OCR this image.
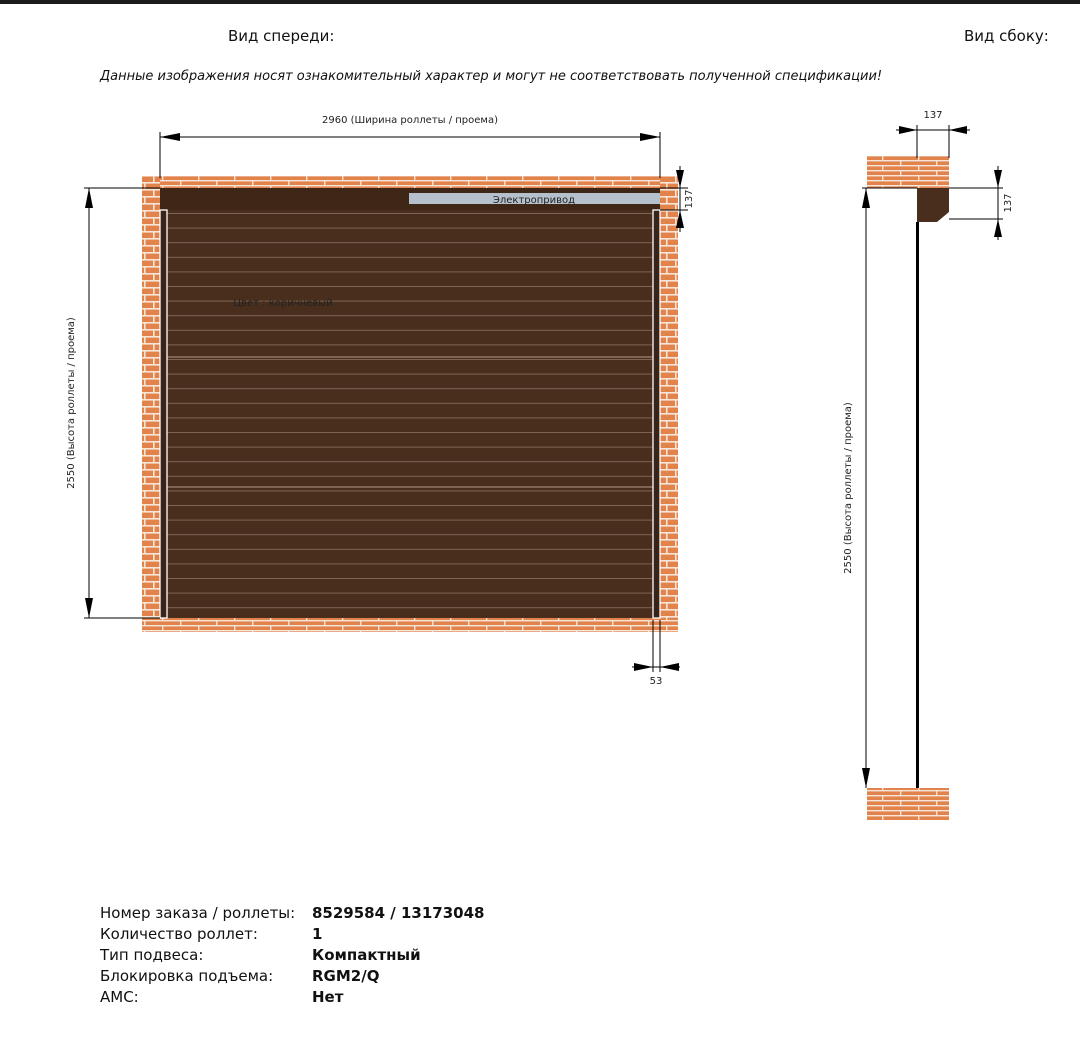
Вид спереди:	Вид сбоку:
Данные изображения носят ознакомительный характер и могут не соответствовать полученной спецификации!
Электропривод
Цвет : коричневый
2960 (Ширина роллеты / проема)
2550 (Высота роллеты / проема)
137
53
137
137
2550 (Высота роллеты / проема)
Номер заказа / роллеты:	8529584 / 13173048
Количество роллет:	1
Тип подвеса:	Компактный
Блокировка подъема:	RGM2/Q
АМС:	Нет
